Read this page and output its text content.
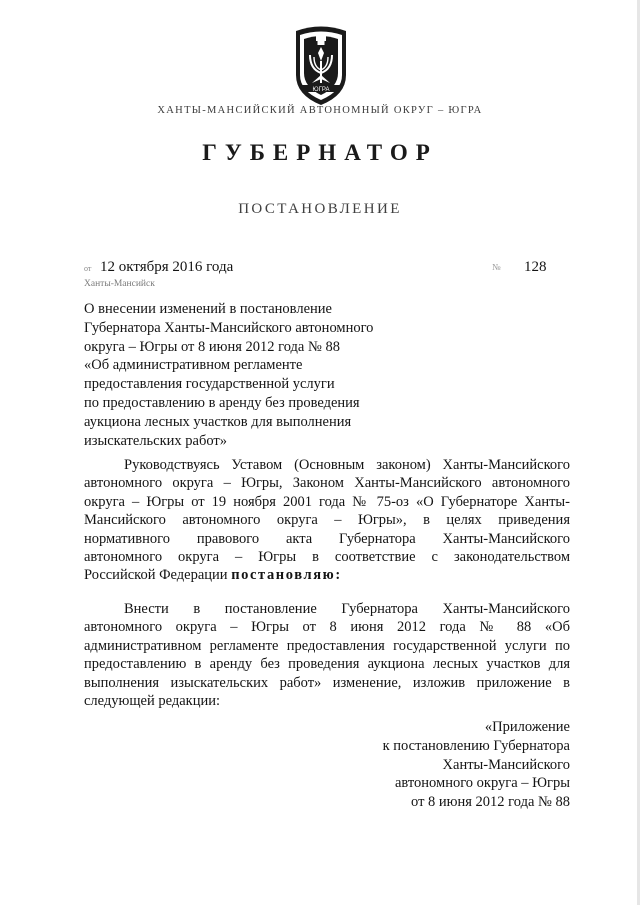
ЮГРА
ХАНТЫ-МАНСИЙСКИЙ АВТОНОМНЫЙ ОКРУГ – ЮГРА
ГУБЕРНАТОР
ПОСТАНОВЛЕНИЕ
от 12 октября 2016 года	№ 128
Ханты-Мансийск
О внесении изменений в постановление
Губернатора Ханты-Мансийского автономного
округа – Югры от 8 июня 2012 года № 88
«Об административном регламенте
предоставления государственной услуги
по предоставлению в аренду без проведения
аукциона лесных участков для выполнения
изыскательских работ»
Руководствуясь Уставом (Основным законом) Ханты-Мансийского
автономного округа – Югры, Законом Ханты-Мансийского автономного
округа – Югры от 19 ноября 2001 года № 75-оз «О Губернаторе Ханты-
Мансийского автономного округа – Югры», в целях приведения
нормативного правового акта Губернатора Ханты-Мансийского
автономного округа – Югры в соответствие с законодательством
Российской Федерации постановляю:
Внести в постановление Губернатора Ханты-Мансийского
автономного округа – Югры от 8 июня 2012 года № 88 «Об
административном регламенте предоставления государственной услуги по
предоставлению в аренду без проведения аукциона лесных участков для
выполнения изыскательских работ» изменение, изложив приложение в
следующей редакции:
«Приложение
к постановлению Губернатора
Ханты-Мансийского
автономного округа – Югры
от 8 июня 2012 года № 88
